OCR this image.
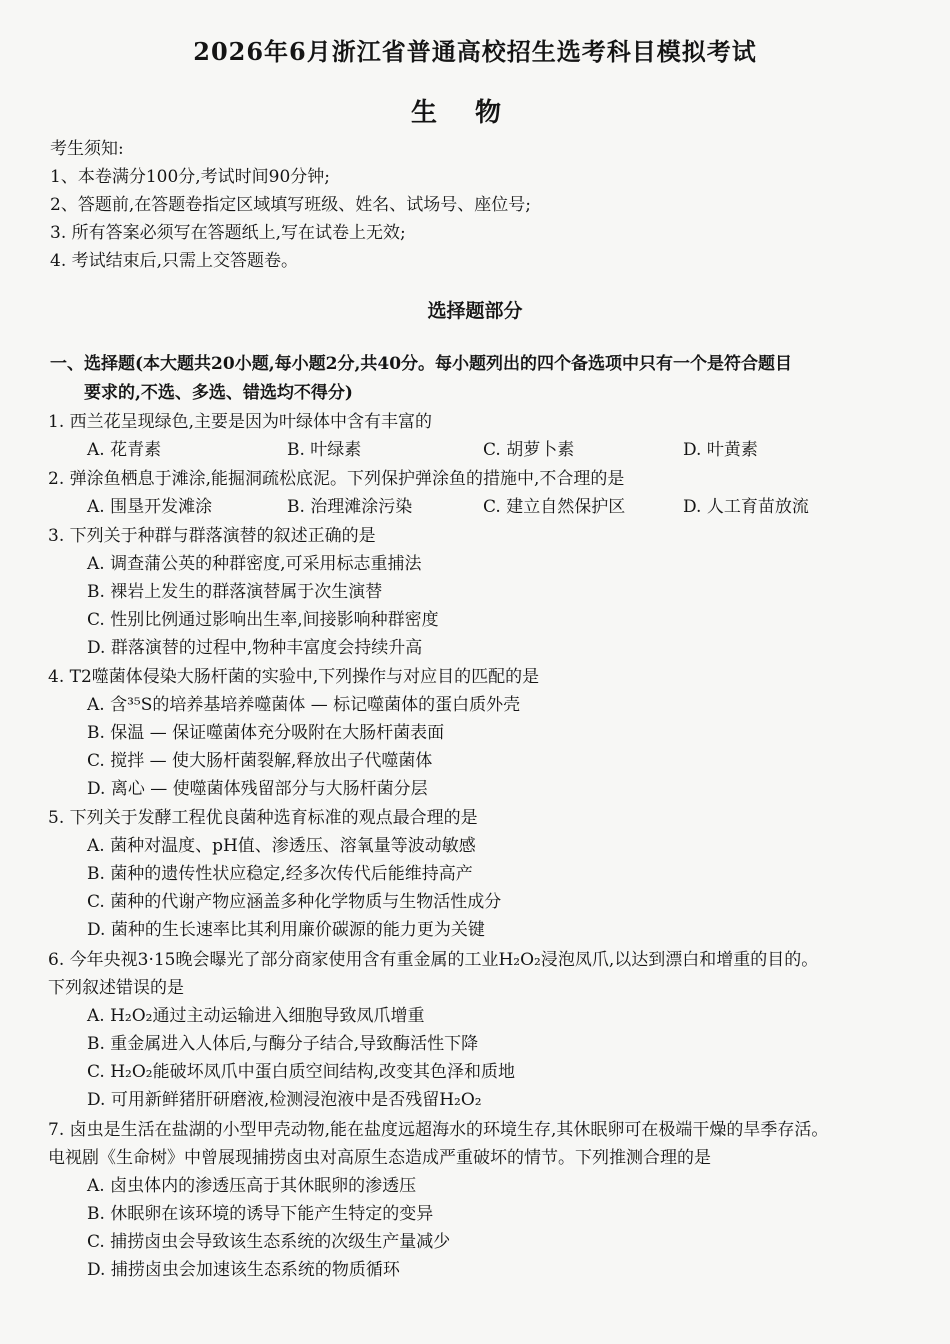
2026年6月浙江省普通高校招生选考科目模拟考试
生物
考生须知:
1、本卷满分100分,考试时间90分钟;
2、答题前,在答题卷指定区域填写班级、姓名、试场号、座位号;
3. 所有答案必须写在答题纸上,写在试卷上无效;
4. 考试结束后,只需上交答题卷。
选择题部分
一、选择题(本大题共20小题,每小题2分,共40分。每小题列出的四个备选项中只有一个是符合题目
要求的,不选、多选、错选均不得分)
1. 西兰花呈现绿色,主要是因为叶绿体中含有丰富的
A. 花青素	B. 叶绿素	C. 胡萝卜素	D. 叶黄素
2. 弹涂鱼栖息于滩涂,能掘洞疏松底泥。下列保护弹涂鱼的措施中,不合理的是
A. 围垦开发滩涂	B. 治理滩涂污染	C. 建立自然保护区	D. 人工育苗放流
3. 下列关于种群与群落演替的叙述正确的是
A. 调查蒲公英的种群密度,可采用标志重捕法
B. 裸岩上发生的群落演替属于次生演替
C. 性别比例通过影响出生率,间接影响种群密度
D. 群落演替的过程中,物种丰富度会持续升高
4. T2噬菌体侵染大肠杆菌的实验中,下列操作与对应目的匹配的是
A. 含³⁵S的培养基培养噬菌体 — 标记噬菌体的蛋白质外壳
B. 保温 — 保证噬菌体充分吸附在大肠杆菌表面
C. 搅拌 — 使大肠杆菌裂解,释放出子代噬菌体
D. 离心 — 使噬菌体残留部分与大肠杆菌分层
5. 下列关于发酵工程优良菌种选育标准的观点最合理的是
A. 菌种对温度、pH值、渗透压、溶氧量等波动敏感
B. 菌种的遗传性状应稳定,经多次传代后能维持高产
C. 菌种的代谢产物应涵盖多种化学物质与生物活性成分
D. 菌种的生长速率比其利用廉价碳源的能力更为关键
6. 今年央视3·15晚会曝光了部分商家使用含有重金属的工业H₂O₂浸泡凤爪,以达到漂白和增重的目的。
下列叙述错误的是
A. H₂O₂通过主动运输进入细胞导致凤爪增重
B. 重金属进入人体后,与酶分子结合,导致酶活性下降
C. H₂O₂能破坏凤爪中蛋白质空间结构,改变其色泽和质地
D. 可用新鲜猪肝研磨液,检测浸泡液中是否残留H₂O₂
7. 卤虫是生活在盐湖的小型甲壳动物,能在盐度远超海水的环境生存,其休眠卵可在极端干燥的旱季存活。
电视剧《生命树》中曾展现捕捞卤虫对高原生态造成严重破坏的情节。下列推测合理的是
A. 卤虫体内的渗透压高于其休眠卵的渗透压
B. 休眠卵在该环境的诱导下能产生特定的变异
C. 捕捞卤虫会导致该生态系统的次级生产量减少
D. 捕捞卤虫会加速该生态系统的物质循环
